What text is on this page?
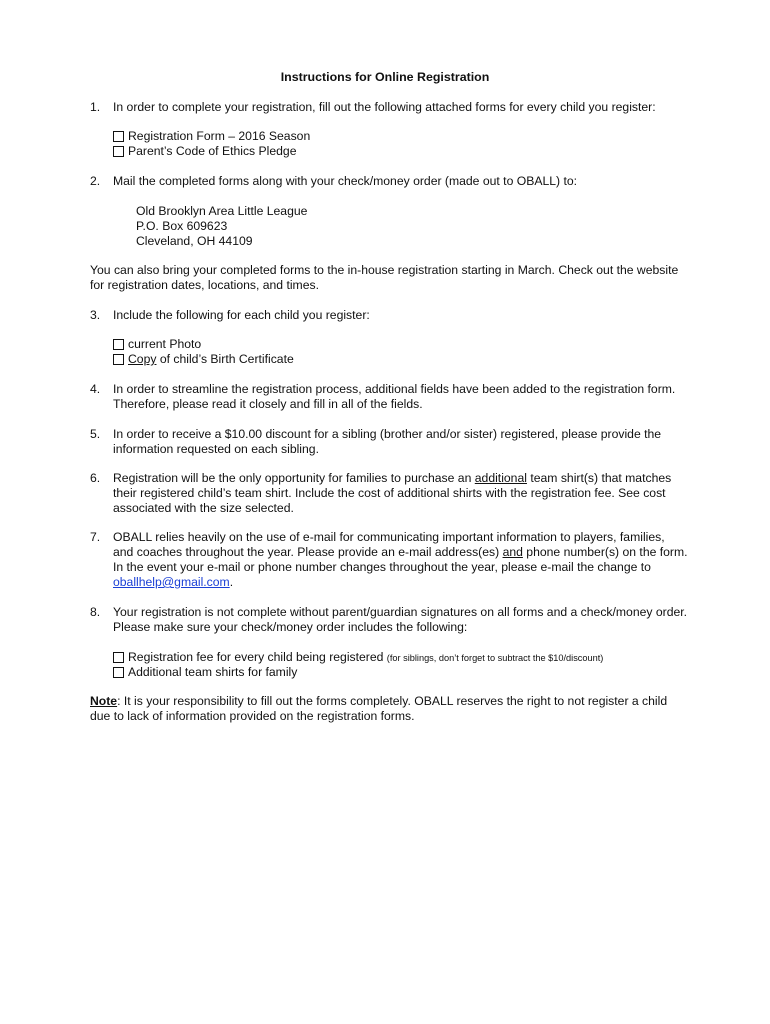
Instructions for Online Registration
1. In order to complete your registration, fill out the following attached forms for every child you register:
Registration Form – 2016 Season
Parent’s Code of Ethics Pledge
2. Mail the completed forms along with your check/money order (made out to OBALL) to:
Old Brooklyn Area Little League
P.O. Box 609623
Cleveland, OH 44109
You can also bring your completed forms to the in-house registration starting in March. Check out the website for registration dates, locations, and times.
3. Include the following for each child you register:
current Photo
Copy of child’s Birth Certificate
4. In order to streamline the registration process, additional fields have been added to the registration form. Therefore, please read it closely and fill in all of the fields.
5. In order to receive a $10.00 discount for a sibling (brother and/or sister) registered, please provide the information requested on each sibling.
6. Registration will be the only opportunity for families to purchase an additional team shirt(s) that matches their registered child’s team shirt. Include the cost of additional shirts with the registration fee. See cost associated with the size selected.
7. OBALL relies heavily on the use of e-mail for communicating important information to players, families, and coaches throughout the year. Please provide an e-mail address(es) and phone number(s) on the form. In the event your e-mail or phone number changes throughout the year, please e-mail the change to oballhelp@gmail.com.
8. Your registration is not complete without parent/guardian signatures on all forms and a check/money order. Please make sure your check/money order includes the following:
Registration fee for every child being registered (for siblings, don’t forget to subtract the $10/discount)
Additional team shirts for family
Note: It is your responsibility to fill out the forms completely. OBALL reserves the right to not register a child due to lack of information provided on the registration forms.
